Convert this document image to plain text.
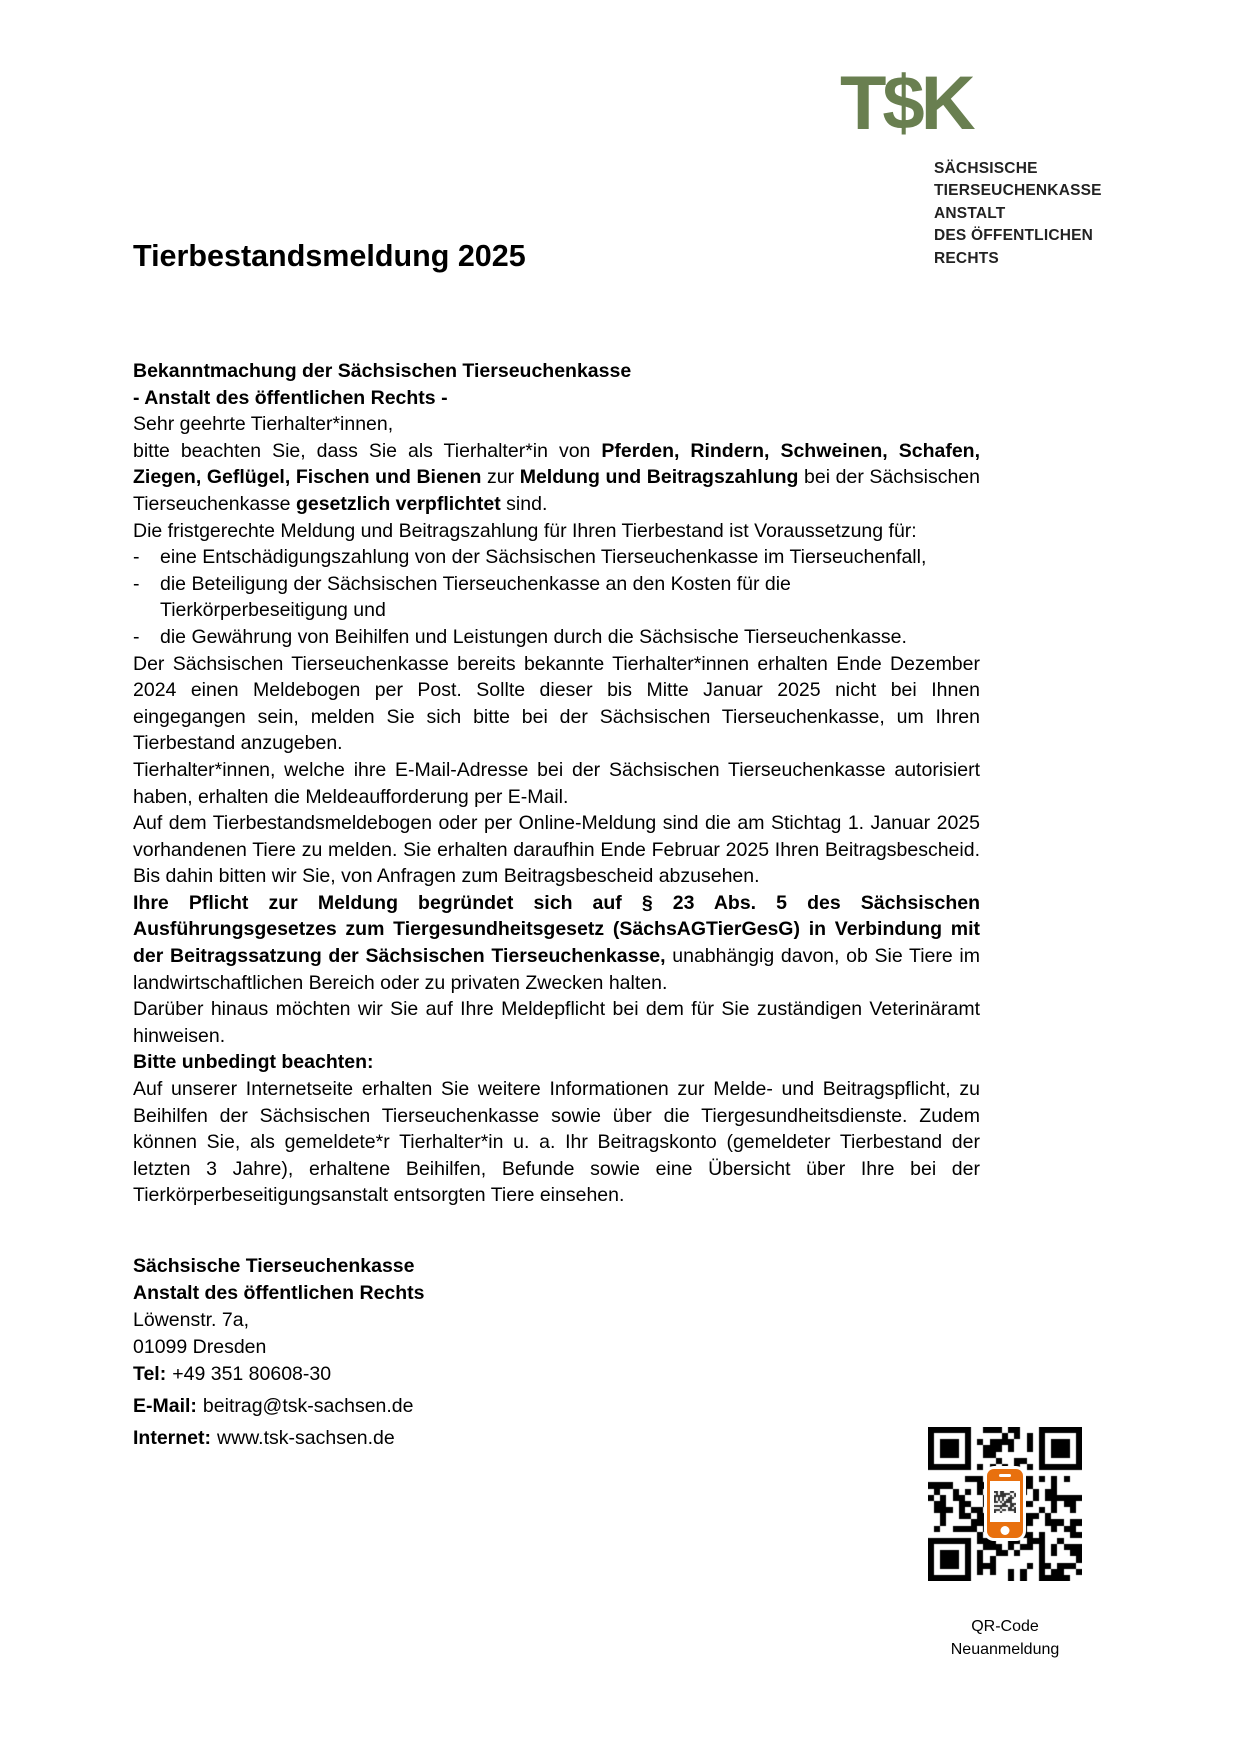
T$K
SÄCHSISCHE
TIERSEUCHENKASSE
ANSTALT
DES ÖFFENTLICHEN
RECHTS
Tierbestandsmeldung 2025
Bekanntmachung der Sächsischen Tierseuchenkasse
- Anstalt des öffentlichen Rechts -

Sehr geehrte Tierhalter*innen,

bitte beachten Sie, dass Sie als Tierhalter*in von Pferden, Rindern, Schweinen, Schafen, Ziegen, Geflügel, Fischen und Bienen zur Meldung und Beitragszahlung bei der Sächsischen Tierseuchenkasse gesetzlich verpflichtet sind.

Die fristgerechte Meldung und Beitragszahlung für Ihren Tierbestand ist Voraussetzung für:
-	eine Entschädigungszahlung von der Sächsischen Tierseuchenkasse im Tierseuchenfall,
-	die Beteiligung der Sächsischen Tierseuchenkasse an den Kosten für die Tierkörperbeseitigung und
-	die Gewährung von Beihilfen und Leistungen durch die Sächsische Tierseuchenkasse.
Der Sächsischen Tierseuchenkasse bereits bekannte Tierhalter*innen erhalten Ende Dezember 2024 einen Meldebogen per Post. Sollte dieser bis Mitte Januar 2025 nicht bei Ihnen eingegangen sein, melden Sie sich bitte bei der Sächsischen Tierseuchenkasse, um Ihren Tierbestand anzugeben.
Tierhalter*innen, welche ihre E-Mail-Adresse bei der Sächsischen Tierseuchenkasse autorisiert haben, erhalten die Meldeaufforderung per E-Mail.

Auf dem Tierbestandsmeldebogen oder per Online-Meldung sind die am Stichtag 1. Januar 2025 vorhandenen Tiere zu melden. Sie erhalten daraufhin Ende Februar 2025 Ihren Beitragsbescheid. Bis dahin bitten wir Sie, von Anfragen zum Beitragsbescheid abzusehen.

Ihre Pflicht zur Meldung begründet sich auf § 23 Abs. 5 des Sächsischen Ausführungsgesetzes zum Tiergesundheitsgesetz (SächsAGTierGesG) in Verbindung mit der Beitragssatzung der Sächsischen Tierseuchenkasse, unabhängig davon, ob Sie Tiere im landwirtschaftlichen Bereich oder zu privaten Zwecken halten.

Darüber hinaus möchten wir Sie auf Ihre Meldepflicht bei dem für Sie zuständigen Veterinäramt hinweisen.

Bitte unbedingt beachten:
Auf unserer Internetseite erhalten Sie weitere Informationen zur Melde- und Beitragspflicht, zu Beihilfen der Sächsischen Tierseuchenkasse sowie über die Tiergesundheitsdienste. Zudem können Sie, als gemeldete*r Tierhalter*in u. a. Ihr Beitragskonto (gemeldeter Tierbestand der letzten 3 Jahre), erhaltene Beihilfen, Befunde sowie eine Übersicht über Ihre bei der Tierkörperbeseitigungsanstalt entsorgten Tiere einsehen.
Sächsische Tierseuchenkasse
Anstalt des öffentlichen Rechts
Löwenstr. 7a,
01099 Dresden
Tel: +49 351 80608-30
E-Mail: beitrag@tsk-sachsen.de
Internet: www.tsk-sachsen.de
QR-Code
Neuanmeldung
